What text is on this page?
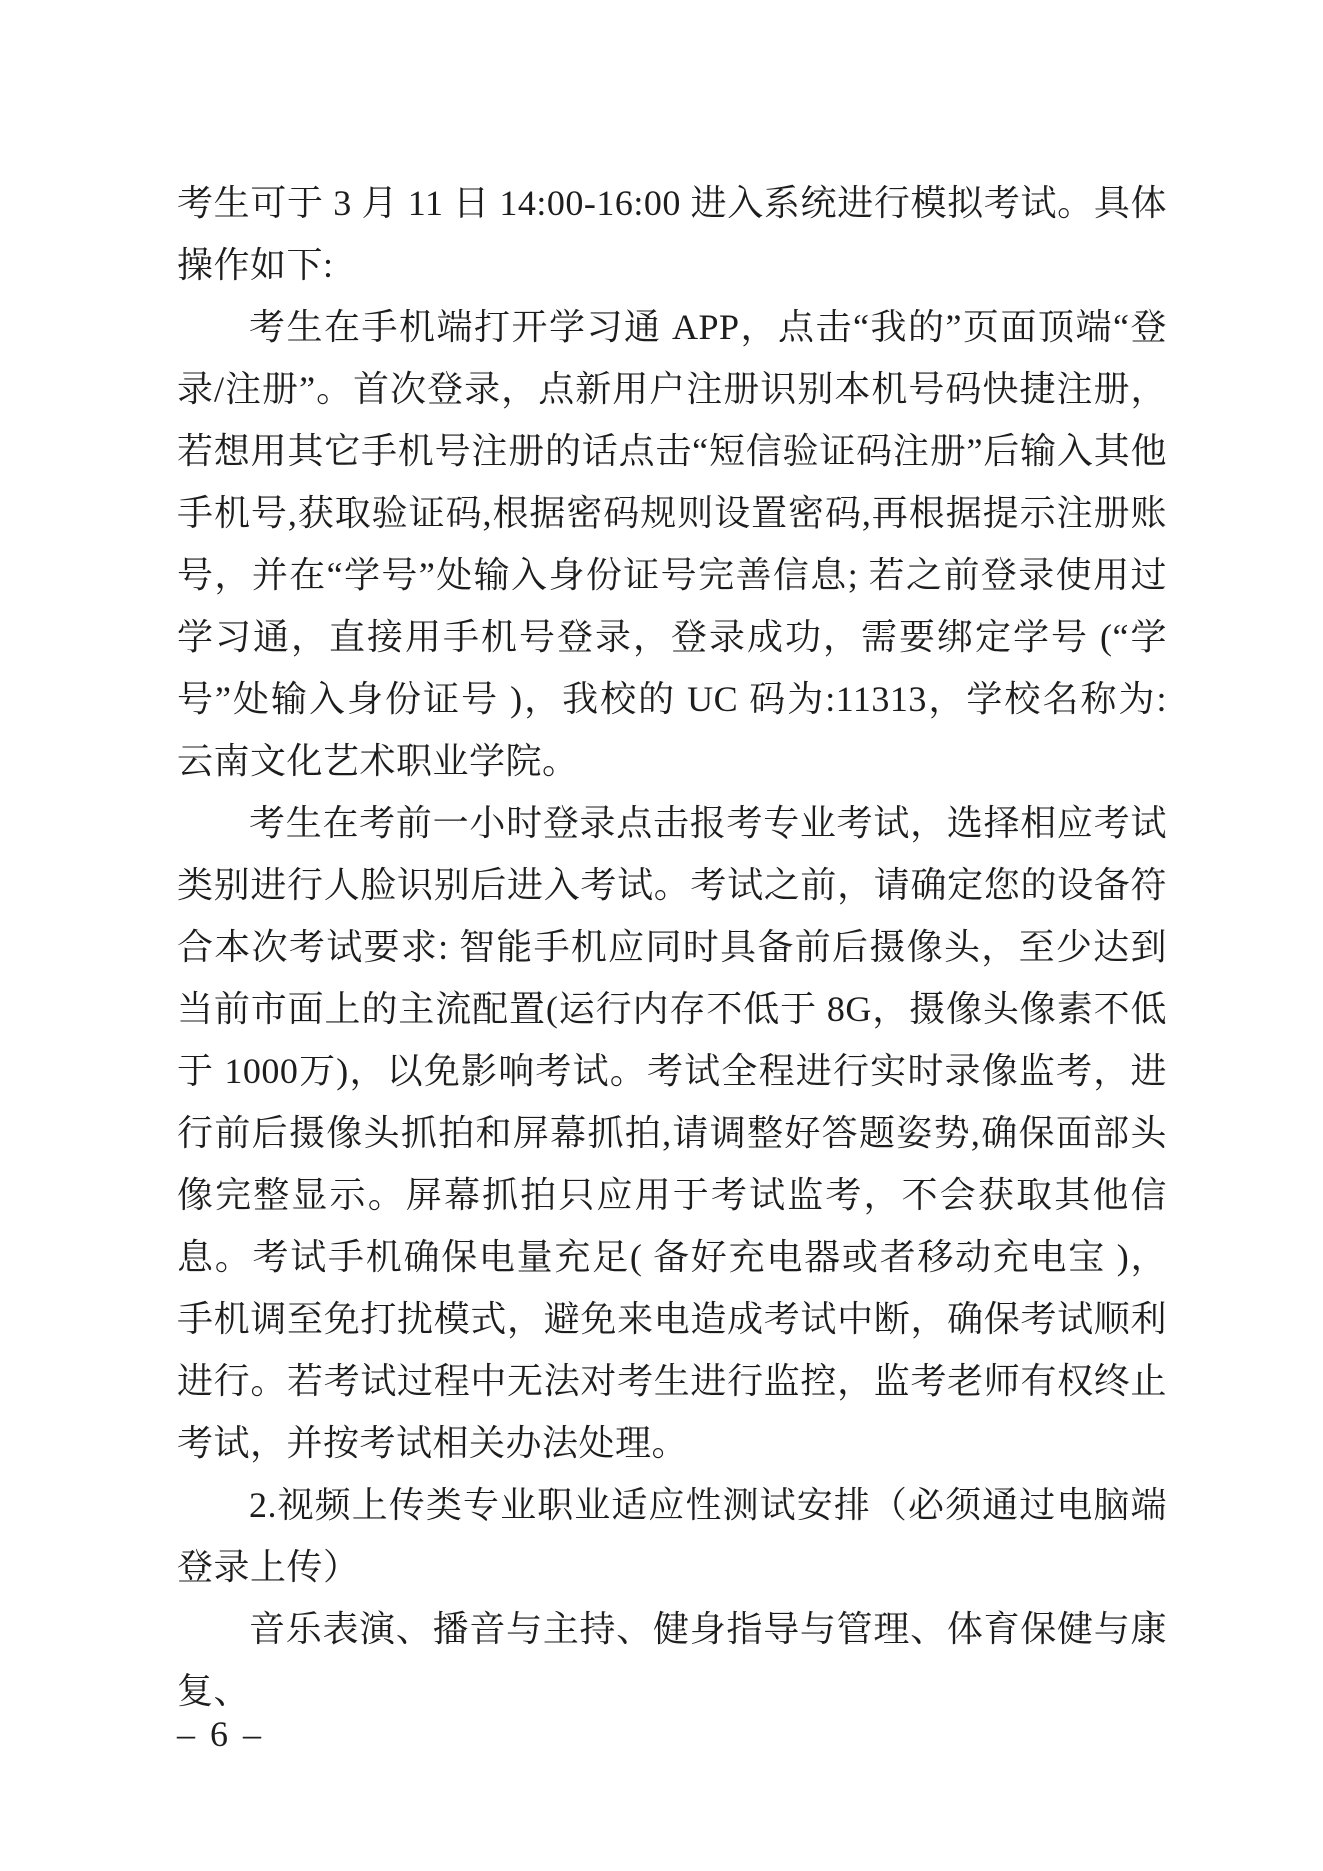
考生可于 3 月 11 日 14:00-16:00 进入系统进行模拟考试。具体操作如下:

考生在手机端打开学习通 APP，点击“我的”页面顶端“登录/注册”。首次登录，点新用户注册识别本机号码快捷注册，若想用其它手机号注册的话点击“短信验证码注册”后输入其他手机号,获取验证码,根据密码规则设置密码,再根据提示注册账号，并在“学号”处输入身份证号完善信息; 若之前登录使用过学习通，直接用手机号登录，登录成功，需要绑定学号 (“学号”处输入身份证号 )，我校的 UC 码为:11313，学校名称为: 云南文化艺术职业学院。

考生在考前一小时登录点击报考专业考试，选择相应考试类别进行人脸识别后进入考试。考试之前，请确定您的设备符合本次考试要求: 智能手机应同时具备前后摄像头，至少达到当前市面上的主流配置(运行内存不低于 8G，摄像头像素不低于 1000万)，以免影响考试。考试全程进行实时录像监考，进行前后摄像头抓拍和屏幕抓拍,请调整好答题姿势,确保面部头像完整显示。屏幕抓拍只应用于考试监考，不会获取其他信息。考试手机确保电量充足( 备好充电器或者移动充电宝 )，手机调至免打扰模式，避免来电造成考试中断，确保考试顺利进行。若考试过程中无法对考生进行监控，监考老师有权终止考试，并按考试相关办法处理。

2.视频上传类专业职业适应性测试安排（必须通过电脑端登录上传）

音乐表演、播音与主持、健身指导与管理、体育保健与康复、

– 6 –
